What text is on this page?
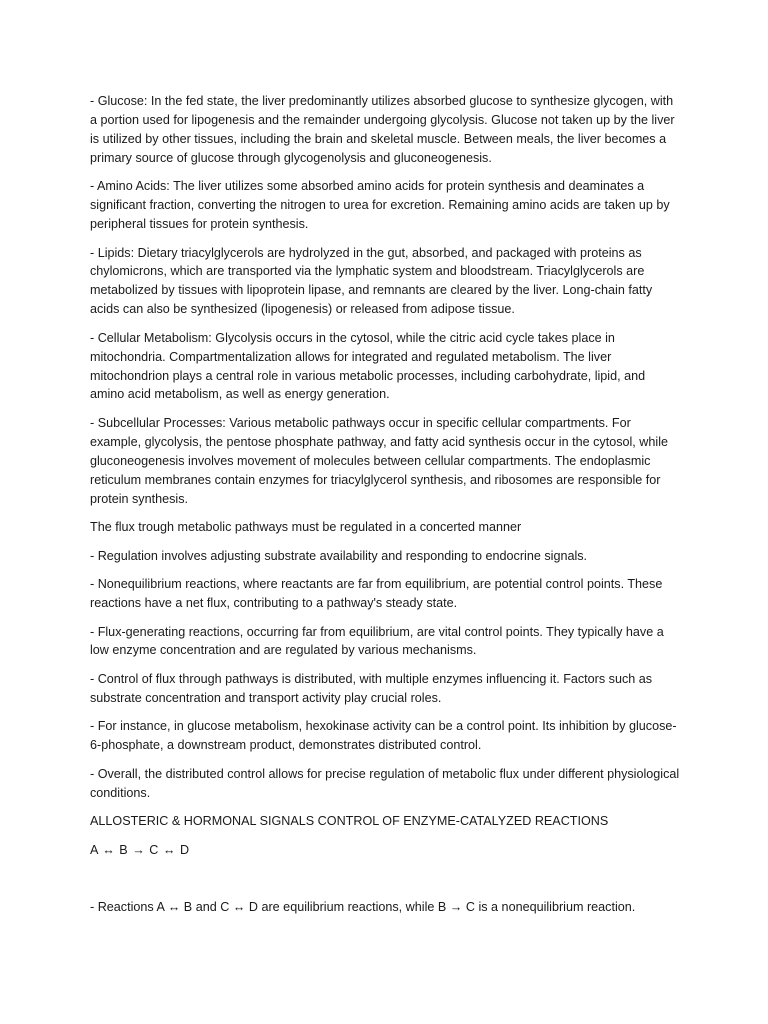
- Glucose: In the fed state, the liver predominantly utilizes absorbed glucose to synthesize glycogen, with a portion used for lipogenesis and the remainder undergoing glycolysis. Glucose not taken up by the liver is utilized by other tissues, including the brain and skeletal muscle. Between meals, the liver becomes a primary source of glucose through glycogenolysis and gluconeogenesis.

- Amino Acids: The liver utilizes some absorbed amino acids for protein synthesis and deaminates a significant fraction, converting the nitrogen to urea for excretion. Remaining amino acids are taken up by peripheral tissues for protein synthesis.

- Lipids: Dietary triacylglycerols are hydrolyzed in the gut, absorbed, and packaged with proteins as chylomicrons, which are transported via the lymphatic system and bloodstream. Triacylglycerols are metabolized by tissues with lipoprotein lipase, and remnants are cleared by the liver. Long-chain fatty acids can also be synthesized (lipogenesis) or released from adipose tissue.

- Cellular Metabolism: Glycolysis occurs in the cytosol, while the citric acid cycle takes place in mitochondria. Compartmentalization allows for integrated and regulated metabolism. The liver mitochondrion plays a central role in various metabolic processes, including carbohydrate, lipid, and amino acid metabolism, as well as energy generation.

- Subcellular Processes: Various metabolic pathways occur in specific cellular compartments. For example, glycolysis, the pentose phosphate pathway, and fatty acid synthesis occur in the cytosol, while gluconeogenesis involves movement of molecules between cellular compartments. The endoplasmic reticulum membranes contain enzymes for triacylglycerol synthesis, and ribosomes are responsible for protein synthesis.

The flux trough metabolic pathways must be regulated in a concerted manner

- Regulation involves adjusting substrate availability and responding to endocrine signals.

- Nonequilibrium reactions, where reactants are far from equilibrium, are potential control points. These reactions have a net flux, contributing to a pathway's steady state.

- Flux-generating reactions, occurring far from equilibrium, are vital control points. They typically have a low enzyme concentration and are regulated by various mechanisms.

- Control of flux through pathways is distributed, with multiple enzymes influencing it. Factors such as substrate concentration and transport activity play crucial roles.

- For instance, in glucose metabolism, hexokinase activity can be a control point. Its inhibition by glucose-6-phosphate, a downstream product, demonstrates distributed control.

- Overall, the distributed control allows for precise regulation of metabolic flux under different physiological conditions.

ALLOSTERIC & HORMONAL SIGNALS CONTROL OF ENZYME-CATALYZED REACTIONS

A ↔ B → C ↔ D

- Reactions A ↔ B and C ↔ D are equilibrium reactions, while B → C is a nonequilibrium reaction.
